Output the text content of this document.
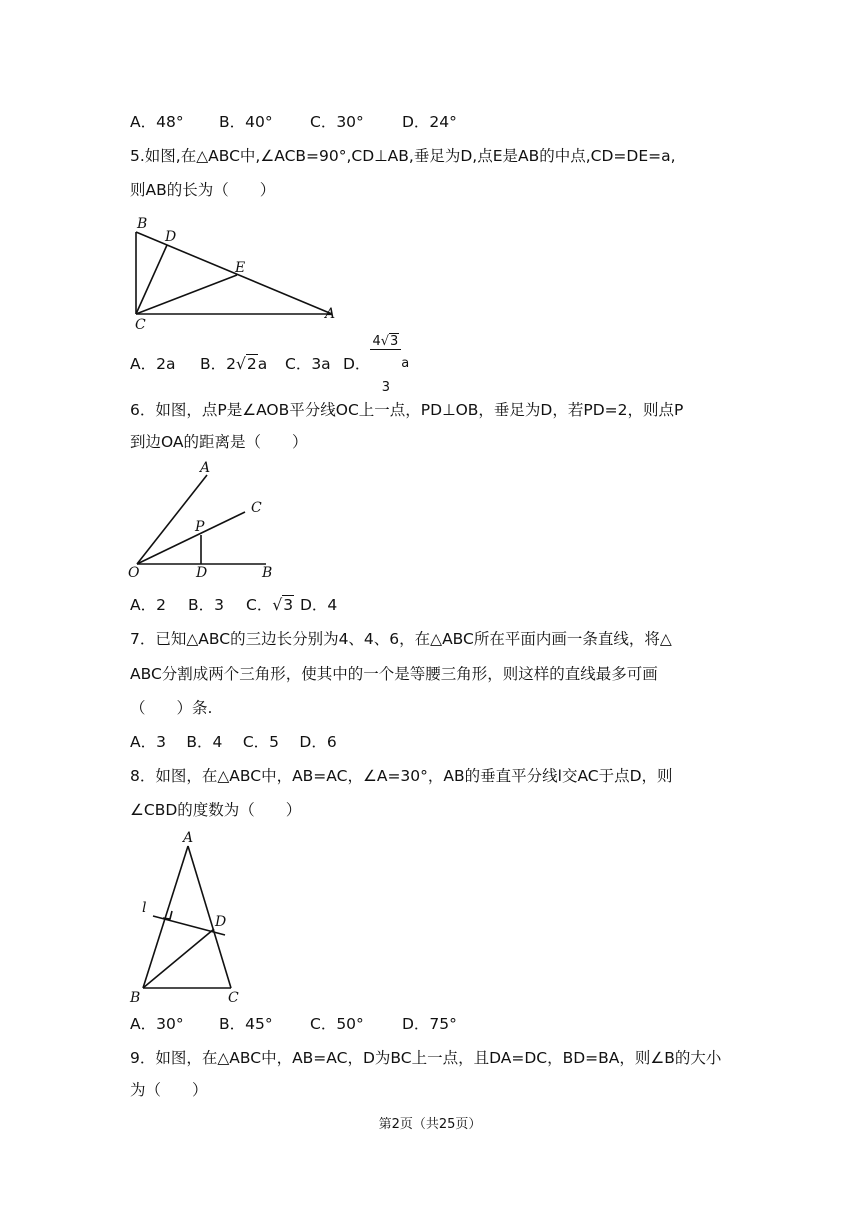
A．48° B．40° C．30° D．24°
5.如图,在△ABC中,∠ACB=90°,CD⊥AB,垂足为D,点E是AB的中点,CD=DE=a,
则AB的长为（　　）
B
D
E
C
A
A．2a B．2√2a C．3a D．

$\frac{4√3}{3}$

a
6．如图，点P是∠AOB平分线OC上一点，PD⊥OB，垂足为D，若PD=2，则点P
到边OA的距离是（　　）
A
C
P
O	D	B
A．2 B．3 C．√3 D．4
7．已知△ABC的三边长分别为4、4、6，在△ABC所在平面内画一条直线，将△
ABC分割成两个三角形，使其中的一个是等腰三角形，则这样的直线最多可画
（　　）条.
A．3　 B．4　 C．5　 D．6
8．如图，在△ABC中，AB=AC，∠A=30°，AB的垂直平分线l交AC于点D，则
∠CBD的度数为（　　）
A
l
D
B	C
A．30° B．45° C．50° D．75°
9．如图，在△ABC中，AB=AC，D为BC上一点，且DA=DC，BD=BA，则∠B的大小
为（　　）
第2页（共25页）
